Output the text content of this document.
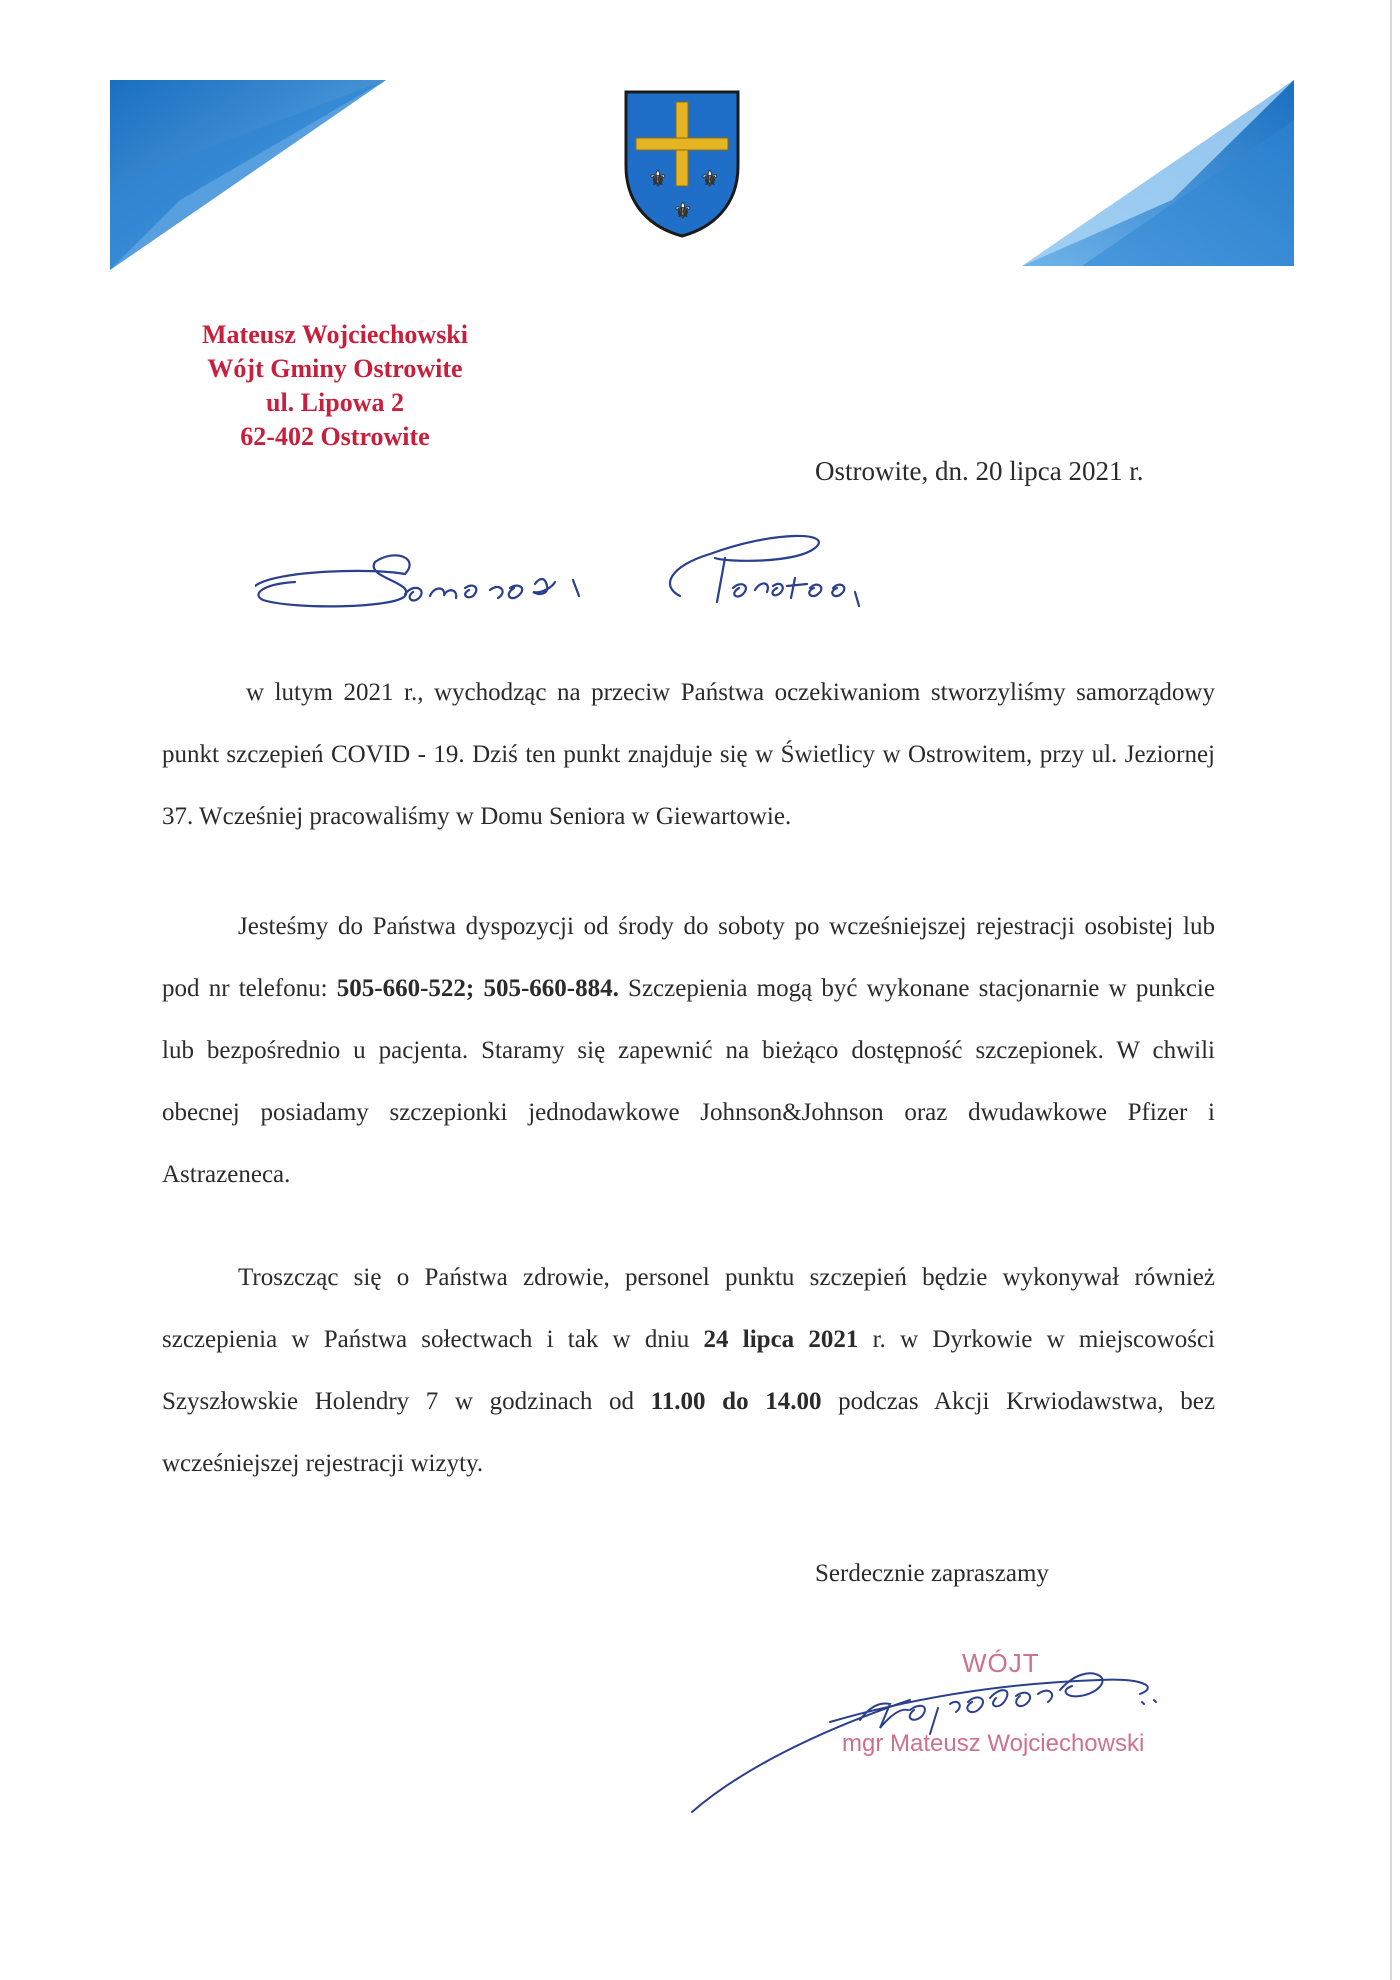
⚜ ⚜
⚜
Mateusz Wojciechowski
Wójt Gminy Ostrowite
ul. Lipowa 2
62-402 Ostrowite
Ostrowite, dn. 20 lipca 2021 r.

w lutym 2021 r., wychodząc na przeciw Państwa oczekiwaniom stworzyliśmy samorządowy punkt szczepień COVID - 19. Dziś ten punkt znajduje się w Świetlicy w Ostrowitem, przy ul. Jeziornej 37. Wcześniej pracowaliśmy w Domu Seniora w Giewartowie.

Jesteśmy do Państwa dyspozycji od środy do soboty po wcześniejszej rejestracji osobistej lub pod nr telefonu: 505-660-522; 505-660-884. Szczepienia mogą być wykonane stacjonarnie w punkcie lub bezpośrednio u pacjenta. Staramy się zapewnić na bieżąco dostępność szczepionek. W chwili obecnej posiadamy szczepionki jednodawkowe Johnson&Johnson oraz dwudawkowe Pfizer i Astrazeneca.

Troszcząc się o Państwa zdrowie, personel punktu szczepień będzie wykonywał również szczepienia w Państwa sołectwach i tak w dniu 24 lipca 2021 r. w Dyrkowie w miejscowości Szyszłowskie Holendry 7 w godzinach od 11.00 do 14.00 podczas Akcji Krwiodawstwa, bez wcześniejszej rejestracji wizyty.

Serdecznie zapraszamy
WÓJT
mgr Mateusz Wojciechowski
